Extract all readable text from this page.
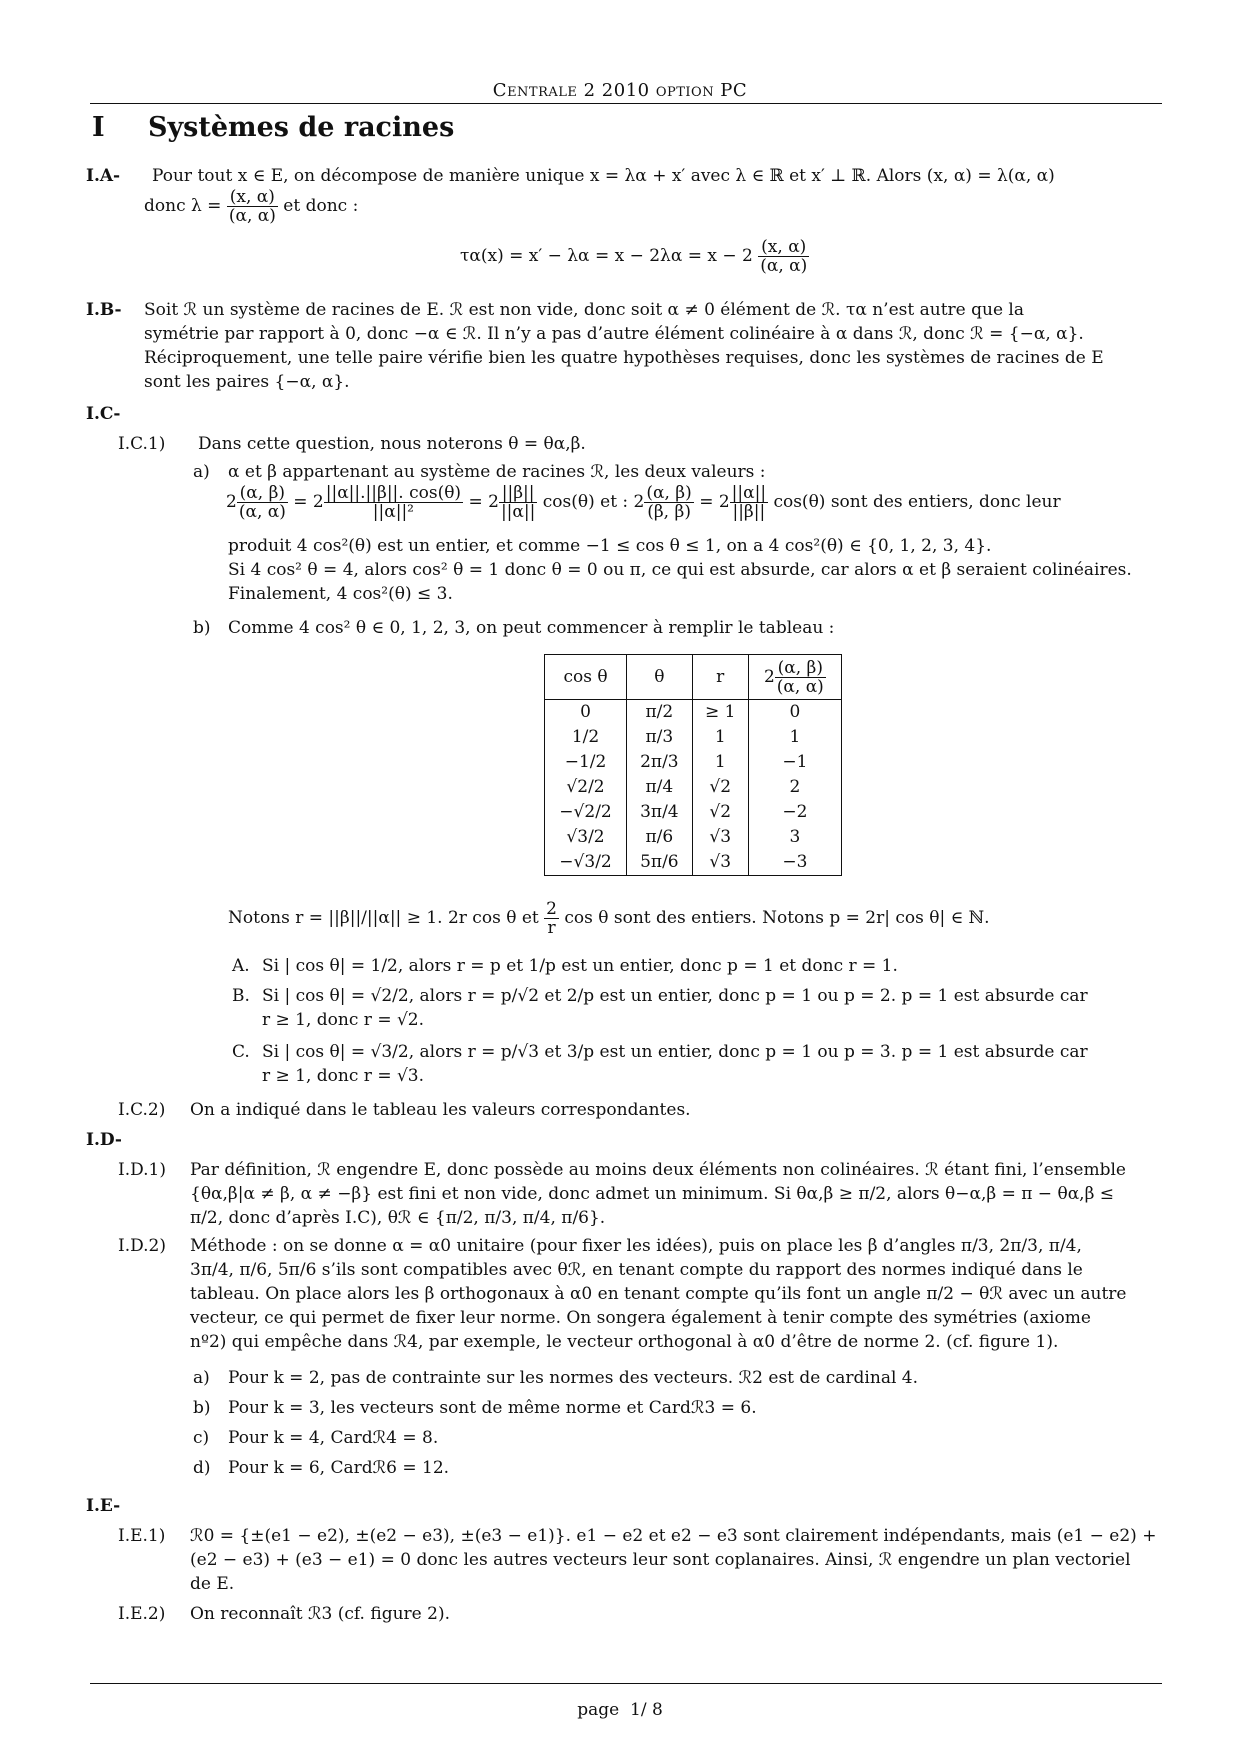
Centrale 2 2010 option PC
I Systèmes de racines
I.A- Pour tout x ∈ E, on décompose de manière unique x = λα + x′ avec λ ∈ ℝ et x′ ⊥ ℝ. Alors (x, α) = λ(α, α)
donc $\lambda = \frac{(x, \alpha)}{(\alpha, \alpha)}$ et donc :
$\tau\alpha(x) = x' - \lambda\alpha = x - 2\lambda\alpha = x - 2 \frac{(x, \alpha)}{(\alpha, \alpha)}$
I.B- Soit ℛ un système de racines de E. ℛ est non vide, donc soit α ≠ 0 élément de ℛ. τα n’est autre que la
symétrie par rapport à 0, donc −α ∈ ℛ. Il n’y a pas d’autre élément colinéaire à α dans ℛ, donc ℛ = {−α, α}.
Réciproquement, une telle paire vérifie bien les quatre hypothèses requises, donc les systèmes de racines de E
sont les paires {−α, α}.
I.C-
I.C.1) Dans cette question, nous noterons θ = θα,β.
a) α et β appartenant au système de racines ℛ, les deux valeurs :
$2 \frac{(\alpha, \beta)}{(\alpha, \alpha)} = 2 \frac{||\alpha||.||\beta||. \cos(\theta)}{\text{||α||²}} = 2 \frac{||\beta||}{||\alpha||} \cos(\theta)$ et : $2 \frac{(\alpha, \beta)}{(\beta, \beta)} = 2 \frac{||\alpha||}{||\beta||} \cos(\theta)$ sont des entiers, donc leur
produit 4 cos²(θ) est un entier, et comme −1 ≤ cos θ ≤ 1, on a 4 cos²(θ) ∈ {0, 1, 2, 3, 4}.
Si 4 cos² θ = 4, alors cos² θ = 1 donc θ = 0 ou π, ce qui est absurde, car alors α et β seraient colinéaires.
Finalement, 4 cos²(θ) ≤ 3.
b) Comme 4 cos² θ ∈ 0, 1, 2, 3, on peut commencer à remplir le tableau :
cos θ	θ	r	$2 \frac{(\alpha, \beta)}{(\alpha, \alpha)}$

0	π/2	≥ 1	0
1/2	π/3	1	1
−1/2	2π/3	1	−1
√2/2	π/4	√2	2
−√2/2	3π/4	√2	−2
√3/2	π/6	√3	3
−√3/2	5π/6	√3	−3
Notons r = ||β||/||α|| ≥ 1. 2r cos θ et $\frac{2}{r}$ cos θ sont des entiers. Notons p = 2r| cos θ| ∈ ℕ.
A. Si | cos θ| = 1/2, alors r = p et 1/p est un entier, donc p = 1 et donc r = 1.
B. Si | cos θ| = √2/2, alors r = p/√2 et 2/p est un entier, donc p = 1 ou p = 2. p = 1 est absurde car
r ≥ 1, donc r = √2.
C. Si | cos θ| = √3/2, alors r = p/√3 et 3/p est un entier, donc p = 1 ou p = 3. p = 1 est absurde car
r ≥ 1, donc r = √3.
I.C.2) On a indiqué dans le tableau les valeurs correspondantes.
I.D-
I.D.1) Par définition, ℛ engendre E, donc possède au moins deux éléments non colinéaires. ℛ étant fini, l’ensemble
{θα,β|α ≠ β, α ≠ −β} est fini et non vide, donc admet un minimum. Si θα,β ≥ π/2, alors θ−α,β = π − θα,β ≤
π/2, donc d’après I.C), θℛ ∈ {π/2, π/3, π/4, π/6}.
I.D.2) Méthode : on se donne α = α0 unitaire (pour fixer les idées), puis on place les β d’angles π/3, 2π/3, π/4,
3π/4, π/6, 5π/6 s’ils sont compatibles avec θℛ, en tenant compte du rapport des normes indiqué dans le
tableau. On place alors les β orthogonaux à α0 en tenant compte qu’ils font un angle π/2 − θℛ avec un autre
vecteur, ce qui permet de fixer leur norme. On songera également à tenir compte des symétries (axiome
nº2) qui empêche dans ℛ4, par exemple, le vecteur orthogonal à α0 d’être de norme 2. (cf. figure 1).
a) Pour k = 2, pas de contrainte sur les normes des vecteurs. ℛ2 est de cardinal 4.
b) Pour k = 3, les vecteurs sont de même norme et Cardℛ3 = 6.
c) Pour k = 4, Cardℛ4 = 8.
d) Pour k = 6, Cardℛ6 = 12.
I.E-
I.E.1) ℛ0 = {±(e1 − e2), ±(e2 − e3), ±(e3 − e1)}. e1 − e2 et e2 − e3 sont clairement indépendants, mais (e1 − e2) +
(e2 − e3) + (e3 − e1) = 0 donc les autres vecteurs leur sont coplanaires. Ainsi, ℛ engendre un plan vectoriel
de E.
I.E.2) On reconnaît ℛ3 (cf. figure 2).
page  1/ 8
